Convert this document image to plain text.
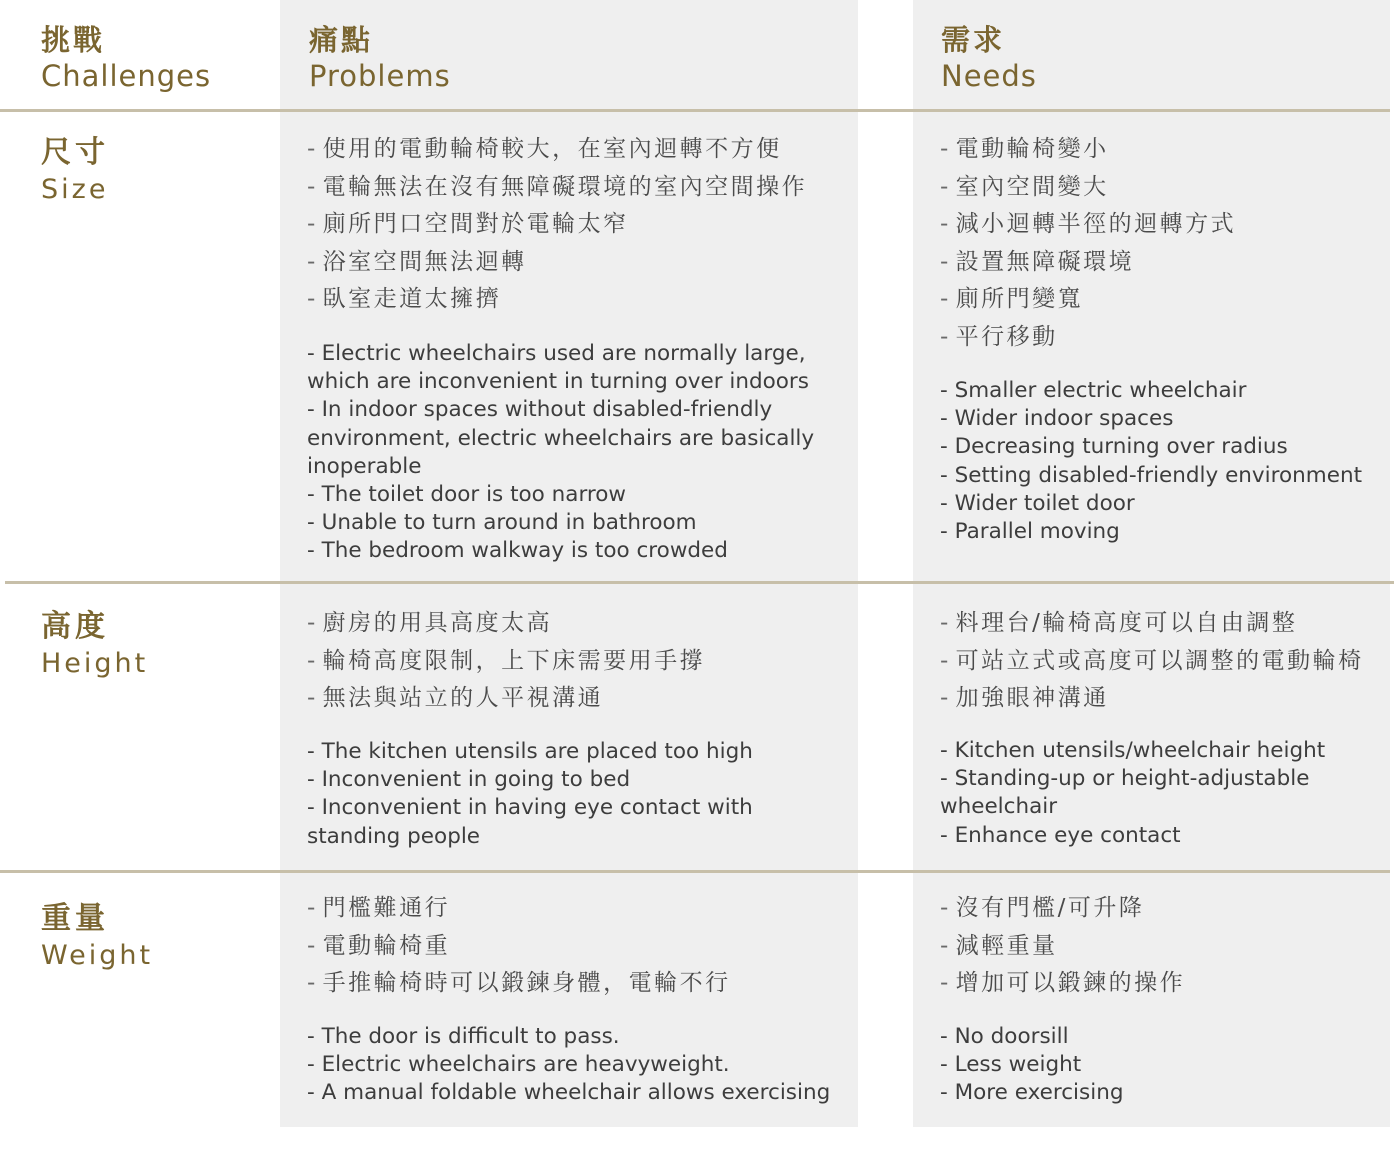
挑戰
Challenges
痛點
Problems
需求
Needs
尺寸
Size
- 使用的電動輪椅較大，在室內迴轉不方便
- 電輪無法在沒有無障礙環境的室內空間操作
- 廁所門口空間對於電輪太窄
- 浴室空間無法迴轉
- 臥室走道太擁擠
- Electric wheelchairs used are normally large, which are inconvenient in turning over indoors
- In indoor spaces without disabled-friendly environment, electric wheelchairs are basically inoperable
- The toilet door is too narrow
- Unable to turn around in bathroom
- The bedroom walkway is too crowded
- 電動輪椅變小
- 室內空間變大
- 減小迴轉半徑的迴轉方式
- 設置無障礙環境
- 廁所門變寬
- 平行移動
- Smaller electric wheelchair
- Wider indoor spaces
- Decreasing turning over radius
- Setting disabled-friendly environment
- Wider toilet door
- Parallel moving
高度
Height
- 廚房的用具高度太高
- 輪椅高度限制，上下床需要用手撐
- 無法與站立的人平視溝通
- The kitchen utensils are placed too high
- Inconvenient in going to bed
- Inconvenient in having eye contact with standing people
- 料理台/輪椅高度可以自由調整
- 可站立式或高度可以調整的電動輪椅
- 加強眼神溝通
- Kitchen utensils/wheelchair height
- Standing-up or height-adjustable wheelchair
- Enhance eye contact
重量
Weight
- 門檻難通行
- 電動輪椅重
- 手推輪椅時可以鍛鍊身體，電輪不行
- The door is difficult to pass.
- Electric wheelchairs are heavyweight.
- A manual foldable wheelchair allows exercising
- 沒有門檻/可升降
- 減輕重量
- 增加可以鍛鍊的操作
- No doorsill
- Less weight
- More exercising
